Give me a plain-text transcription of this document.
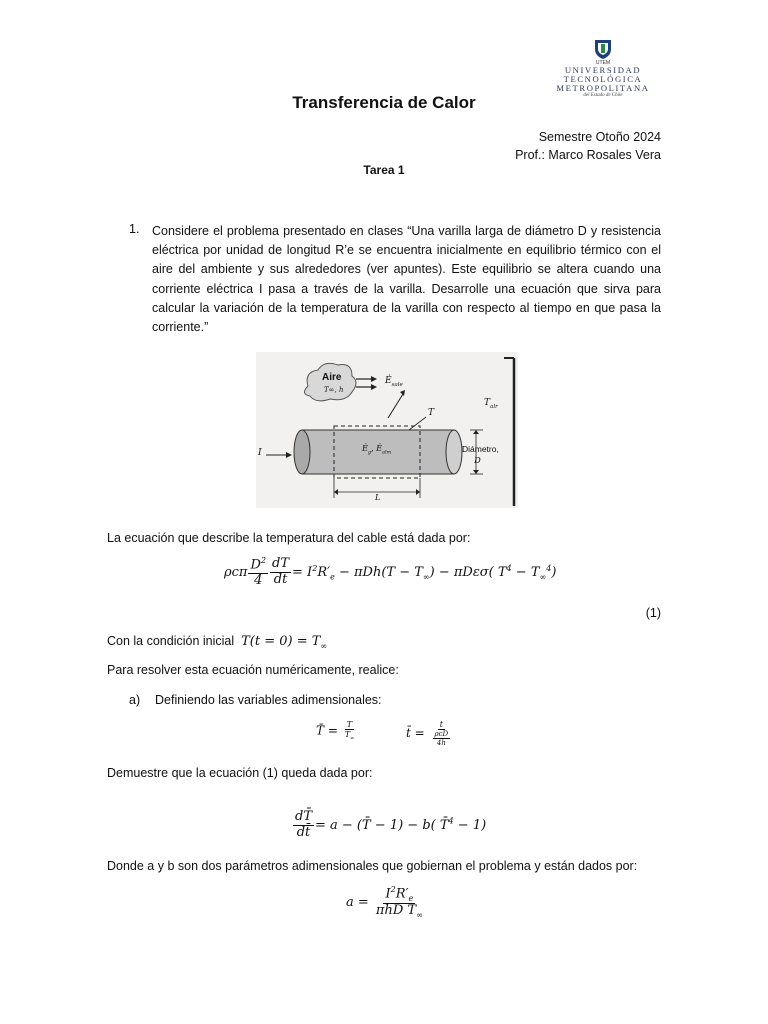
UTEM
UNIVERSIDAD
TECNOLÓGICA
METROPOLITANA
del Estado de Chile
Transferencia de Calor
Semestre Otoño 2024
Prof.: Marco Rosales Vera
Tarea 1
1. Considere el problema presentado en clases “Una varilla larga de diámetro D y resistencia eléctrica por unidad de longitud R’e se encuentra inicialmente en equilibrio térmico con el aire del ambiente y sus alrededores (ver apuntes). Este equilibrio se altera cuando una corriente eléctrica I pasa a través de la varilla. Desarrolle una ecuación que sirva para calcular la variación de la temperatura de la varilla con respecto al tiempo en que pasa la corriente.”
Aire
T∞, h
$Ė_{sale}$
T
$T_{alr}$
Diámetro,
D
I	$Ė_g$, $Ė_{alm}$
L
La ecuación que describe la temperatura del cable está dada por:
ρcπ $\frac{D^2}{4} \frac{dT}{dt} = I^2R'_e - \pi Dh(T - T_\infty) - \pi D\varepsilon\sigma$( $T^4 - T_\infty^4$)
(1)
Con la condición inicial $T(t = 0) = T_\infty$
Para resolver esta ecuación numéricamente, realice:
a) Definiendo las variables adimensionales:
T̄ = $\frac{T}{T_\infty}$	t̄ = $\frac{t}{\frac{\text{ρcD}}{4h}}$
Demuestre que la ecuación (1) queda dada por:
$\frac{dT̄}{dt̄} = a$ − (T̄ − 1) − b( T̄$^4$ − 1)
Donde a y b son dos parámetros adimensionales que gobiernan el problema y están dados por:
$a = \frac{I^2R'_e}{\pi hD T_\infty}$
